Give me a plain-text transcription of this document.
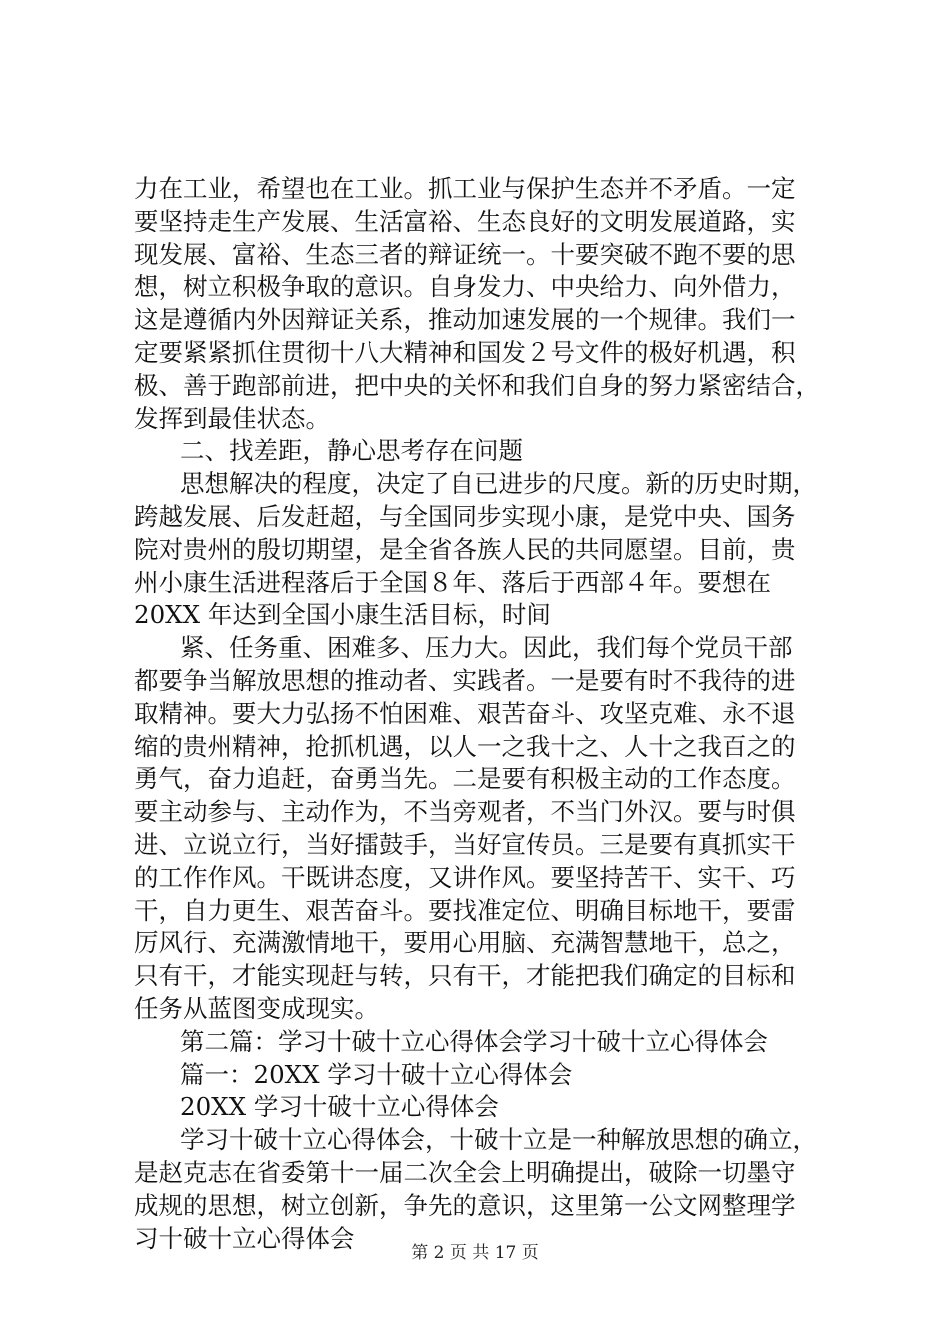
力在工业，希望也在工业。抓工业与保护生态并不矛盾。一定
要坚持走生产发展、生活富裕、生态良好的文明发展道路，实
现发展、富裕、生态三者的辩证统一。十要突破不跑不要的思
想，树立积极争取的意识。自身发力、中央给力、向外借力，
这是遵循内外因辩证关系，推动加速发展的一个规律。我们一
定要紧紧抓住贯彻十八大精神和国发２号文件的极好机遇，积
极、善于跑部前进，把中央的关怀和我们自身的努力紧密结合，
发挥到最佳状态。
二、找差距，静心思考存在问题
思想解决的程度，决定了自已进步的尺度。新的历史时期，
跨越发展、后发赶超，与全国同步实现小康，是党中央、国务
院对贵州的殷切期望，是全省各族人民的共同愿望。目前，贵
州小康生活进程落后于全国８年、落后于西部４年。要想在
20XX 年达到全国小康生活目标，时间
紧、任务重、困难多、压力大。因此，我们每个党员干部
都要争当解放思想的推动者、实践者。一是要有时不我待的进
取精神。要大力弘扬不怕困难、艰苦奋斗、攻坚克难、永不退
缩的贵州精神，抢抓机遇，以人一之我十之、人十之我百之的
勇气，奋力追赶，奋勇当先。二是要有积极主动的工作态度。
要主动参与、主动作为，不当旁观者，不当门外汉。要与时俱
进、立说立行，当好擂鼓手，当好宣传员。三是要有真抓实干
的工作作风。干既讲态度，又讲作风。要坚持苦干、实干、巧
干，自力更生、艰苦奋斗。要找准定位、明确目标地干，要雷
厉风行、充满激情地干，要用心用脑、充满智慧地干，总之，
只有干，才能实现赶与转，只有干，才能把我们确定的目标和
任务从蓝图变成现实。
第二篇：学习十破十立心得体会学习十破十立心得体会
篇一：20XX 学习十破十立心得体会
20XX 学习十破十立心得体会
学习十破十立心得体会，十破十立是一种解放思想的确立，
是赵克志在省委第十一届二次全会上明确提出，破除一切墨守
成规的思想，树立创新，争先的意识，这里第一公文网整理学
习十破十立心得体会
第 2 页 共 17 页
